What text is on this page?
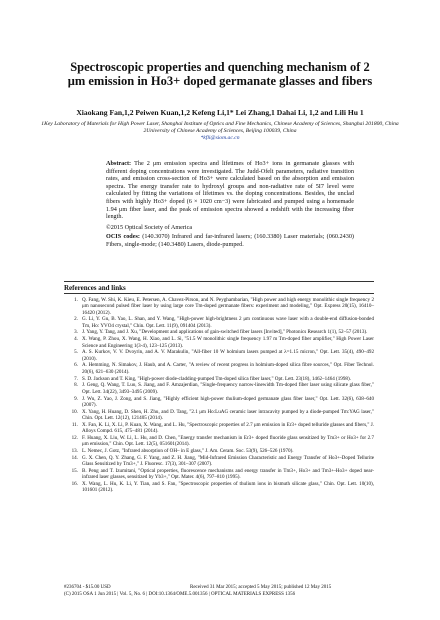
Spectroscopic properties and quenching mechanism of 2 μm emission in Ho3+ doped germanate glasses and fibers
Xiaokang Fan,1,2 Peiwen Kuan,1,2 Kefeng Li,1* Lei Zhang,1 Dahai Li, 1,2 and Lili Hu 1
1Key Laboratory of Materials for High Power Laser, Shanghai Institute of Optics and Fine Mechanics, Chinese Academy of Sciences, Shanghai 201800, China
2University of Chinese Academy of Sciences, Beijing 100039, China
*kfli@siom.ac.cn
Abstract: The 2 μm emission spectra and lifetimes of Ho3+ ions in germanate glasses with different doping concentrations were investigated. The Judd-Ofelt parameters, radiative transition rates, and emission cross-section of Ho3+ were calculated based on the absorption and emission spectra. The energy transfer rate to hydroxyl groups and non-radiative rate of 5I7 level were calculated by fitting the variations of lifetimes vs. the doping concentrations. Besides, the unclad fibers with highly Ho3+ doped (6 × 1020 cm−3) were fabricated and pumped using a homemade 1.94 μm fiber laser, and the peak of emission spectra showed a redshift with the increasing fiber length.
©2015 Optical Society of America
OCIS codes: (140.3070) Infrared and far-infrared lasers; (160.3380) Laser materials; (060.2430) Fibers, single-mode; (140.3480) Lasers, diode-pumped.
References and links
1. Q. Fang, W. Shi, K. Kieu, E. Petersen, A. Chavez-Pirson, and N. Peyghambarian, "High power and high energy monolithic single frequency 2 μm nanosecond pulsed fiber laser by using large core Tm-doped germanate fibers: experiment and modeling," Opt. Express 20(15), 16410–16420 (2012).
2. G. Li, Y. Gu, B. Yao, L. Shan, and Y. Wang, "High-power high-brightness 2 μm continuous wave laser with a double-end diffusion-bonded Tm, Ho: YVO4 crystal," Chin. Opt. Lett. 11(9), 091404 (2013).
3. J. Yang, Y. Tang, and J. Xu, "Development and applications of gain-switched fiber lasers [Invited]," Photonics Research 1(1), 52–57 (2013).
4. X. Wang, P. Zhou, X. Wang, H. Xiao, and L. Si, "51.5 W monolithic single frequency 1.97 m Tm-doped fiber amplifier," High Power Laser Science and Engineering 1(3-4), 123–125 (2013).
5. A. S. Kurkov, V. V. Dvoyrin, and A. V. Marakulin, "All-fiber 10 W holmium lasers pumped at λ=1.15 micron," Opt. Lett. 35(4), 490–492 (2010).
6. A. Hemming, N. Simakov, J. Haub, and A. Carter, "A review of recent progress in holmium-doped silica fibre sources," Opt. Fiber Technol. 20(6), 621–630 (2014).
7. S. D. Jackson and T. King, "High-power diode-cladding-pumped Tm-doped silica fiber laser," Opt. Lett. 23(18), 1462–1464 (1998).
8. J. Geng, Q. Wang, T. Luo, S. Jiang, and F. Amzajerdian, "Single-frequency narrow-linewidth Tm-doped fiber laser using silicate glass fiber," Opt. Lett. 34(22), 3493–3495 (2009).
9. J. Wu, Z. Yao, J. Zong, and S. Jiang, "Highly efficient high-power thulium-doped germanate glass fiber laser," Opt. Lett. 32(6), 638–640 (2007).
10. X. Yang, H. Huang, D. Shen, H. Zhu, and D. Tang, "2.1 μm Ho:LuAG ceramic laser intracavity pumped by a diode-pumped Tm:YAG laser," Chin. Opt. Lett. 12(12), 121405 (2014).
11. X. Fan, K. Li, X. Li, P. Kuan, X. Wang, and L. Hu, "Spectroscopic properties of 2.7 μm emission in Er3+ doped telluride glasses and fibers," J. Alloys Compd. 615, 475–481 (2014).
12. F. Huang, X. Liu, W. Li, L. Hu, and D. Chen, "Energy transfer mechanism in Er3+ doped fluoride glass sensitized by Tm3+ or Ho3+ for 2.7 μm emission," Chin. Opt. Lett. 12(5), 051601(2014).
13. L. Nemec, J. Gotz, "Infrared absorption of OH– in E glass," J. Am. Ceram. Soc. 53(9), 526–526 (1970).
14. G. X. Chen, Q. Y. Zhang, G. F. Yang, and Z. H. Jiang, "Mid-Infrared Emission Characteristic and Energy Transfer of Ho3+-Doped Tellurite Glass Sensitized by Tm3+," J. Fluoresc. 17(3), 301–307 (2007).
15. B. Peng and T. Izumitani, "Optical properties, fluorescence mechanisms and energy transfer in Tm3+, Ho3+ and Tm3+-Ho3+ doped near-infrared laser glasses, sensitized by Yb3+," Opt. Mater. 4(6), 797–810 (1995).
16. X. Wang, L. Hu, K. Li, Y. Tian, and S. Fan, "Spectroscopic properties of thulium ions in bismuth silicate glass," Chin. Opt. Lett. 10(10), 101601 (2012).
#236704 - $15.00 USD	Received 31 Mar 2015; accepted 5 May 2015; published 12 May 2015
(C) 2015 OSA 1 Jun 2015 | Vol. 5, No. 6 | DOI:10.1364/OME.5.001356 | OPTICAL MATERIALS EXPRESS 1356
